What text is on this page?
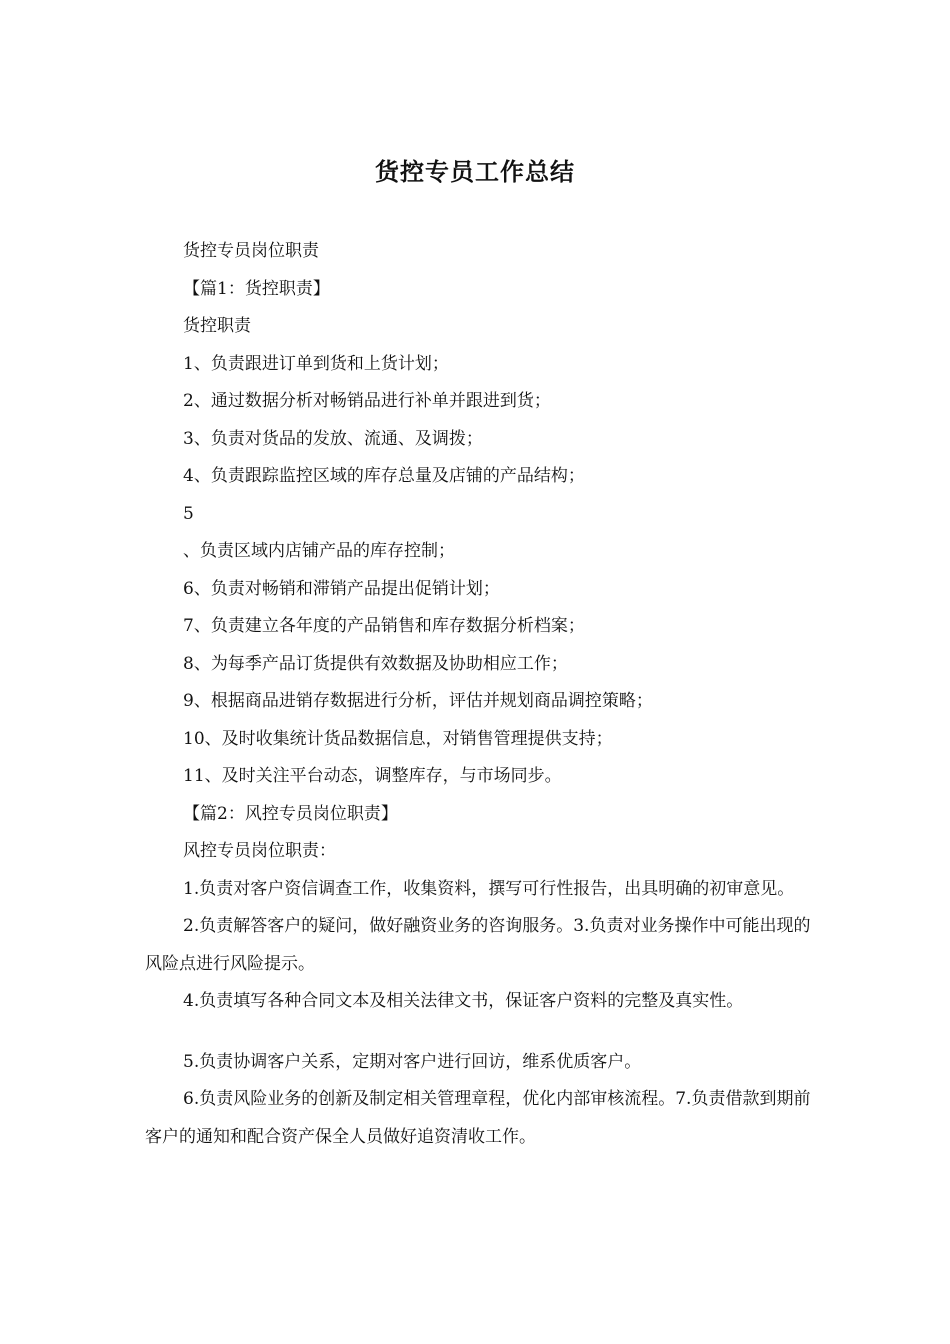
货控专员工作总结

货控专员岗位职责

【篇1：货控职责】

货控职责

1、负责跟进订单到货和上货计划；

2、通过数据分析对畅销品进行补单并跟进到货；

3、负责对货品的发放、流通、及调拨；

4、负责跟踪监控区域的库存总量及店铺的产品结构；

5

、负责区域内店铺产品的库存控制；

6、负责对畅销和滞销产品提出促销计划；

7、负责建立各年度的产品销售和库存数据分析档案；

8、为每季产品订货提供有效数据及协助相应工作；

9、根据商品进销存数据进行分析，评估并规划商品调控策略；

10、及时收集统计货品数据信息，对销售管理提供支持；

11、及时关注平台动态，调整库存，与市场同步。

【篇2：风控专员岗位职责】

风控专员岗位职责：

1.负责对客户资信调查工作，收集资料，撰写可行性报告，出具明确的初审意见。

2.负责解答客户的疑问，做好融资业务的咨询服务。3.负责对业务操作中可能出现的风险点进行风险提示。

4.负责填写各种合同文本及相关法律文书，保证客户资料的完整及真实性。

5.负责协调客户关系，定期对客户进行回访，维系优质客户。

6.负责风险业务的创新及制定相关管理章程，优化内部审核流程。7.负责借款到期前客户的通知和配合资产保全人员做好追资清收工作。
